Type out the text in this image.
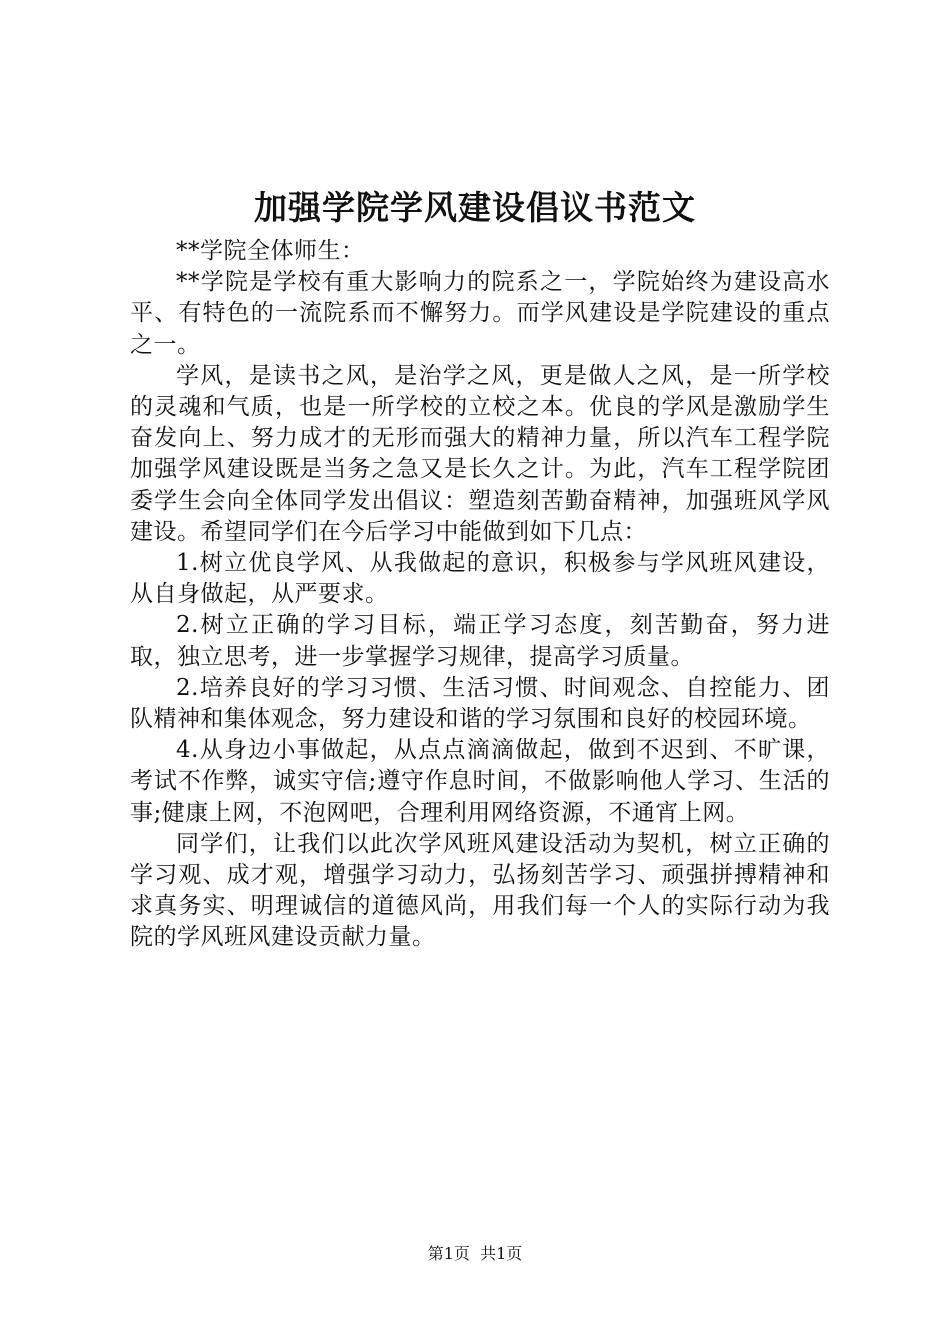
加强学院学风建设倡议书范文

**学院全体师生：

**学院是学校有重大影响力的院系之一，学院始终为建设高水平、有特色的一流院系而不懈努力。而学风建设是学院建设的重点之一。

学风，是读书之风，是治学之风，更是做人之风，是一所学校的灵魂和气质，也是一所学校的立校之本。优良的学风是激励学生奋发向上、努力成才的无形而强大的精神力量，所以汽车工程学院加强学风建设既是当务之急又是长久之计。为此，汽车工程学院团委学生会向全体同学发出倡议：塑造刻苦勤奋精神，加强班风学风建设。希望同学们在今后学习中能做到如下几点：

1.树立优良学风、从我做起的意识，积极参与学风班风建设，从自身做起，从严要求。

2.树立正确的学习目标，端正学习态度，刻苦勤奋，努力进取，独立思考，进一步掌握学习规律，提高学习质量。

2.培养良好的学习习惯、生活习惯、时间观念、自控能力、团队精神和集体观念，努力建设和谐的学习氛围和良好的校园环境。

4.从身边小事做起，从点点滴滴做起，做到不迟到、不旷课，考试不作弊，诚实守信;遵守作息时间，不做影响他人学习、生活的事;健康上网，不泡网吧，合理利用网络资源，不通宵上网。

同学们，让我们以此次学风班风建设活动为契机，树立正确的学习观、成才观，增强学习动力，弘扬刻苦学习、顽强拼搏精神和求真务实、明理诚信的道德风尚，用我们每一个人的实际行动为我院的学风班风建设贡献力量。

第1页 共1页
